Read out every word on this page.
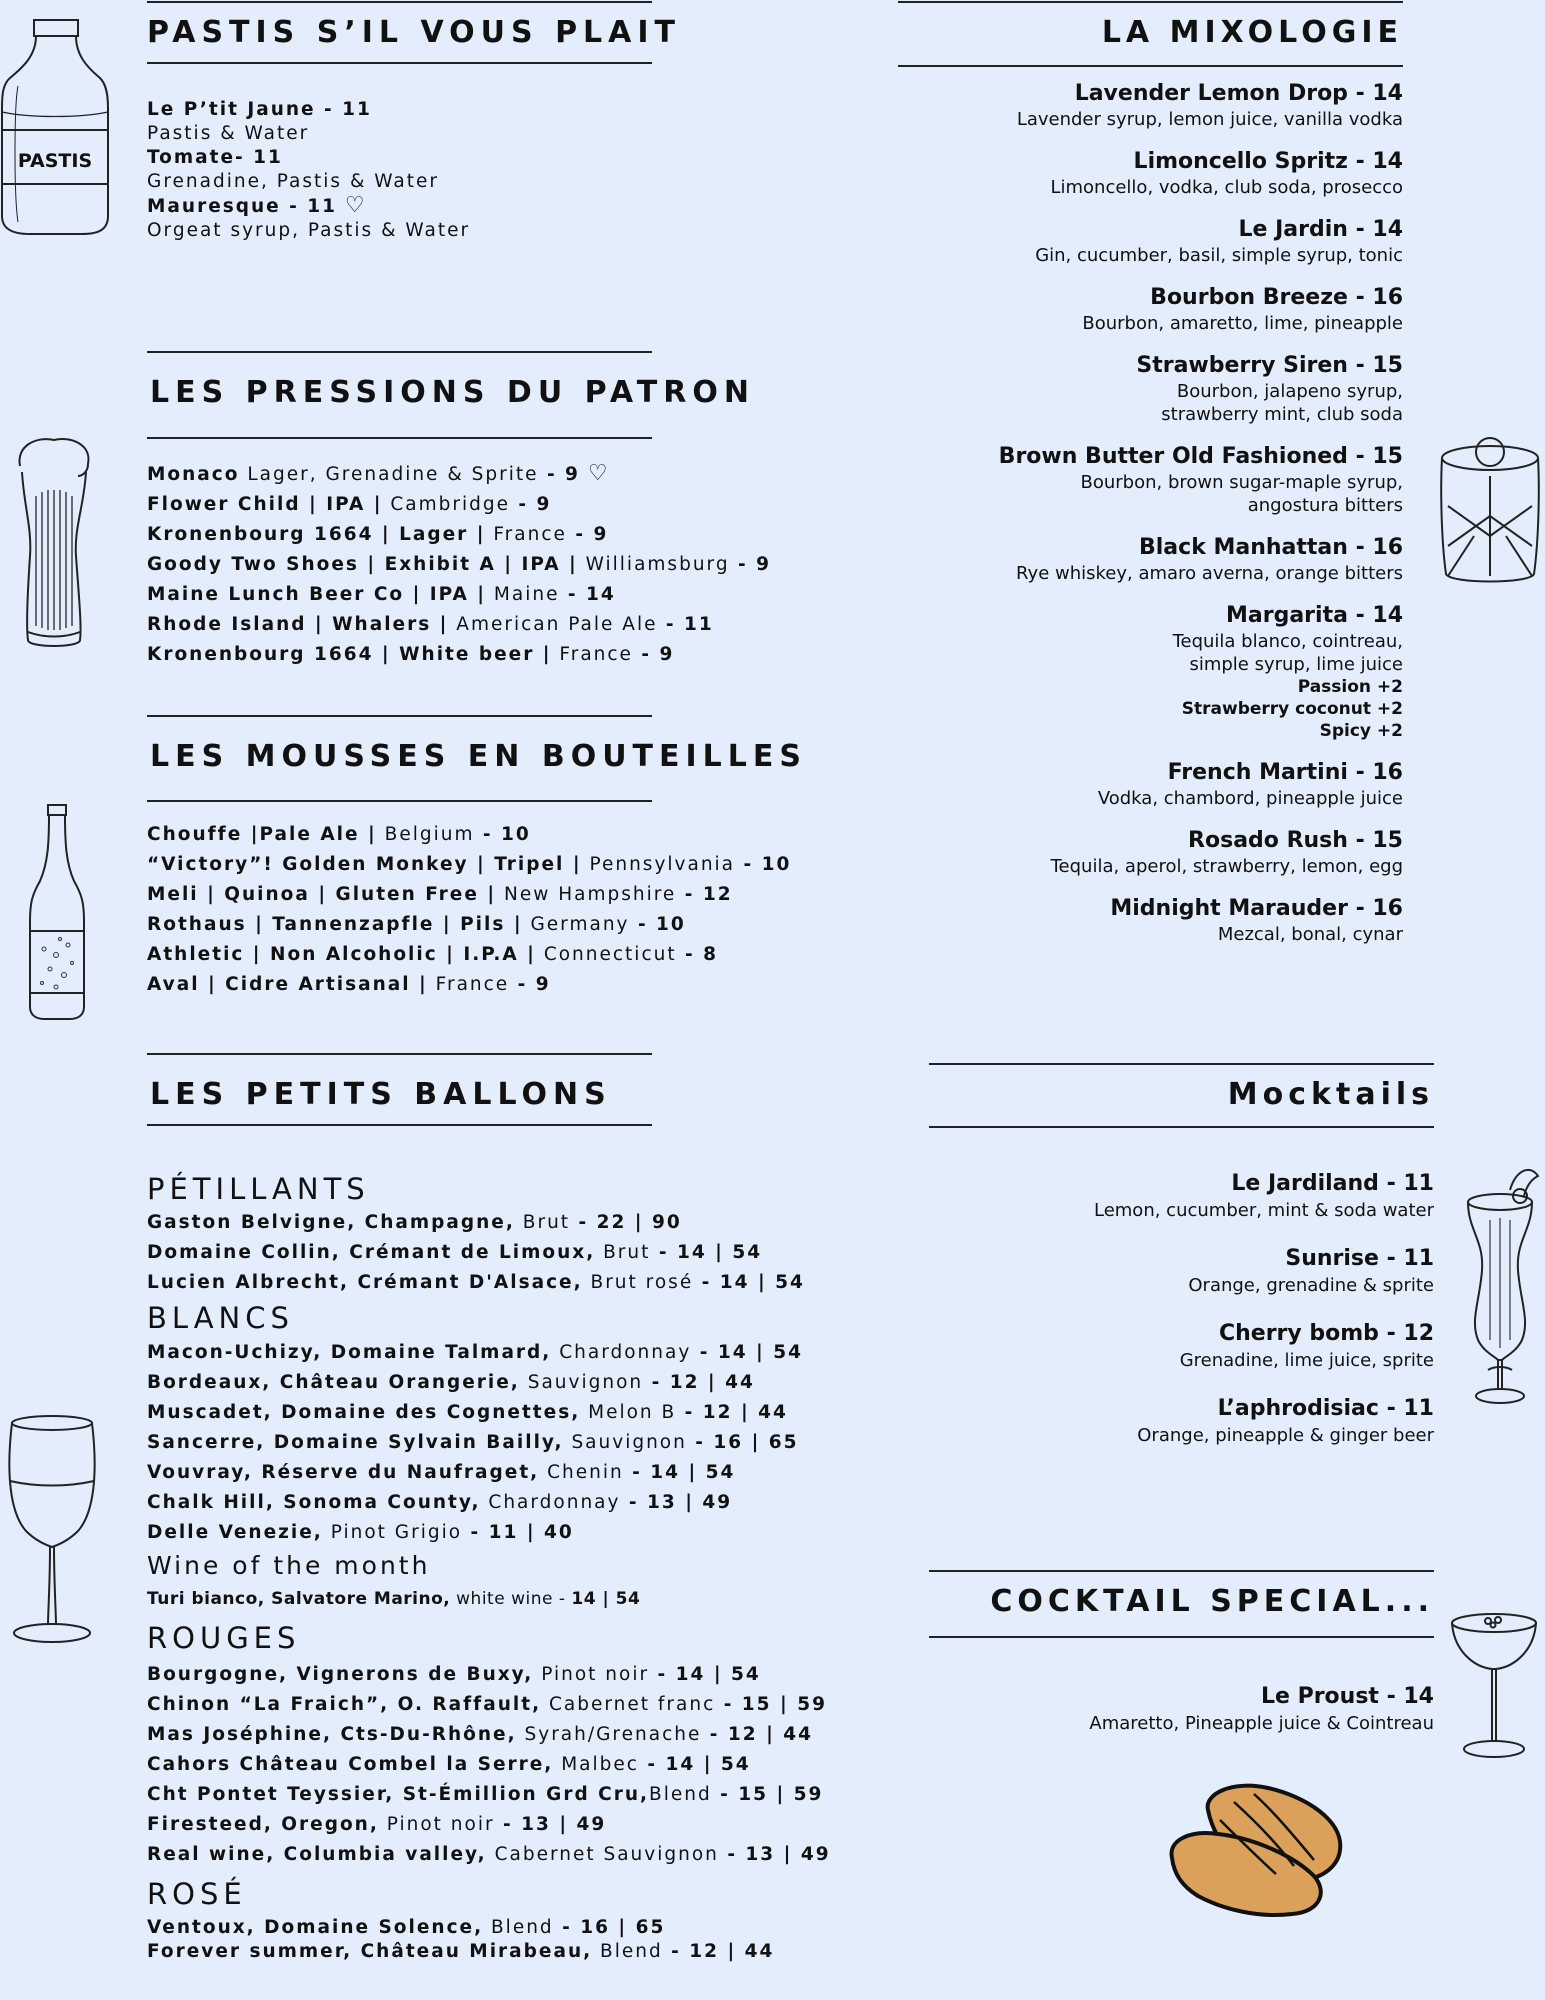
PASTIS S’IL VOUS PLAIT
PASTIS
Le P’tit Jaune - 11
Pastis & Water
Tomate- 11
Grenadine, Pastis & Water
Mauresque - 11 ♡
Orgeat syrup, Pastis & Water
LES PRESSIONS DU PATRON
Monaco Lager, Grenadine & Sprite - 9 ♡
Flower Child | IPA | Cambridge - 9
Kronenbourg 1664 | Lager | France - 9
Goody Two Shoes | Exhibit A | IPA | Williamsburg - 9
Maine Lunch Beer Co | IPA | Maine - 14
Rhode Island | Whalers | American Pale Ale - 11
Kronenbourg 1664 | White beer | France - 9
LES MOUSSES EN BOUTEILLES
Chouffe |Pale Ale | Belgium - 10
“Victory”! Golden Monkey | Tripel | Pennsylvania - 10
Meli | Quinoa | Gluten Free | New Hampshire - 12
Rothaus | Tannenzapfle | Pils | Germany - 10
Athletic | Non Alcoholic | I.P.A | Connecticut - 8
Aval | Cidre Artisanal | France - 9
LES PETITS BALLONS
PÉTILLANTS
Gaston Belvigne, Champagne, Brut - 22 | 90
Domaine Collin, Crémant de Limoux, Brut - 14 | 54
Lucien Albrecht, Crémant D'Alsace, Brut rosé - 14 | 54
BLANCS
Macon-Uchizy, Domaine Talmard, Chardonnay - 14 | 54
Bordeaux, Château Orangerie, Sauvignon - 12 | 44
Muscadet, Domaine des Cognettes, Melon B - 12 | 44
Sancerre, Domaine Sylvain Bailly, Sauvignon - 16 | 65
Vouvray, Réserve du Naufraget, Chenin - 14 | 54
Chalk Hill, Sonoma County, Chardonnay - 13 | 49
Delle Venezie, Pinot Grigio - 11 | 40
Wine of the month
Turi bianco, Salvatore Marino, white wine - 14 | 54
ROUGES
Bourgogne, Vignerons de Buxy, Pinot noir - 14 | 54
Chinon “La Fraich”, O. Raffault, Cabernet franc - 15 | 59
Mas Joséphine, Cts-Du-Rhône, Syrah/Grenache - 12 | 44
Cahors Château Combel la Serre, Malbec - 14 | 54
Cht Pontet Teyssier, St-Émillion Grd Cru,Blend - 15 | 59
Firesteed, Oregon, Pinot noir - 13 | 49
Real wine, Columbia valley, Cabernet Sauvignon - 13 | 49
ROSÉ
Ventoux, Domaine Solence, Blend - 16 | 65
Forever summer, Château Mirabeau, Blend - 12 | 44
LA MIXOLOGIE
Lavender Lemon Drop - 14
Lavender syrup, lemon juice, vanilla vodka
Limoncello Spritz - 14
Limoncello, vodka, club soda, prosecco
Le Jardin - 14
Gin, cucumber, basil, simple syrup, tonic
Bourbon Breeze - 16
Bourbon, amaretto, lime, pineapple
Strawberry Siren - 15
Bourbon, jalapeno syrup,
strawberry mint, club soda
Brown Butter Old Fashioned - 15
Bourbon, brown sugar-maple syrup,
angostura bitters
Black Manhattan - 16
Rye whiskey, amaro averna, orange bitters
Margarita - 14
Tequila blanco, cointreau,
simple syrup, lime juice
Passion +2
Strawberry coconut +2
Spicy +2
French Martini - 16
Vodka, chambord, pineapple juice
Rosado Rush - 15
Tequila, aperol, strawberry, lemon, egg
Midnight Marauder - 16
Mezcal, bonal, cynar
Mocktails
Le Jardiland - 11
Lemon, cucumber, mint & soda water
Sunrise - 11
Orange, grenadine & sprite
Cherry bomb - 12
Grenadine, lime juice, sprite
L’aphrodisiac - 11
Orange, pineapple & ginger beer
COCKTAIL SPECIAL...
Le Proust - 14
Amaretto, Pineapple juice & Cointreau
